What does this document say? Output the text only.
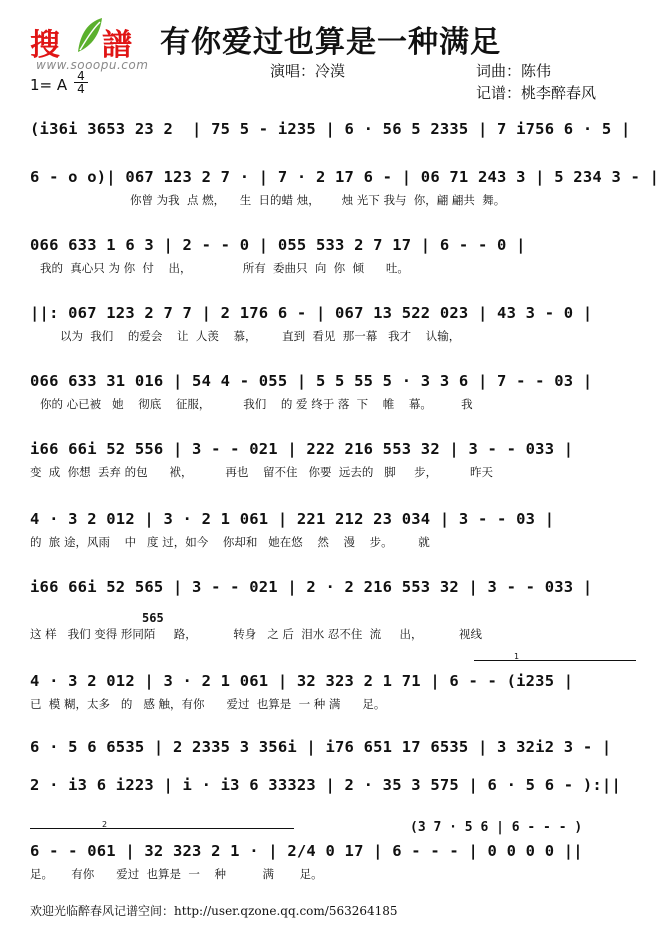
搜 譜
www.sooopu.com
有你爱过也算是一种满足
演唱：冷漠	词曲：陈伟
记谱：桃李醉春风
1= A 4
4
(i36i 3653 23 2  | 75 5 - i235 | 6 · 56 5 2335 | 7 i756 6 · 5 |
6 - o o)| 067 123 2 7 · | 7 · 2 17 6 - | 06 71 243 3 | 5 234 3 - |
你曾 为我  点 燃，    生  日的蜡 烛，      烛 光下 我与  你，翩 翩共  舞。
066 633 1 6 3 | 2 - - 0 | 055 533 2 7 17 | 6 - - 0 |
我的  真心只 为 你  付    出，              所有  委曲只  向  你  倾      吐。
||: 067 123 2 7 7 | 2 176 6 - | 067 13 522 023 | 43 3 - 0 |
以为  我们    的爱会    让  人羡    慕，       直到  看见  那一幕   我才    认输，
066 633 31 016 | 54 4 - 055 | 5 5 55 5 · 3 3 6 | 7 - - 03 |
你的 心已被   她    彻底    征服，         我们    的 爱 终于 落  下    帷    幕。        我
i66 66i 52 556 | 3 - - 021 | 222 216 553 32 | 3 - - 033 |
变  成  你想  丢弃 的包      袱，         再也    留不住   你要  远去的   脚     步，         昨天
4 · 3 2 012 | 3 · 2 1 061 | 221 212 23 034 | 3 - - 03 |
的  旅 途，风雨    中   度 过，如今    你却和   她在悠    然    漫    步。       就
i66 66i 52 565 | 3 - - 021 | 2 · 2 216 553 32 | 3 - - 033 |
这 样   我们 变得 形同陌     路，          转身   之 后  泪水 忍不住  流     出，          视线
565
1
4 · 3 2 012 | 3 · 2 1 061 | 32 323 2 1 71 | 6 - - (i235 |
已  模 糊，太多   的   感 触，有你      爱过  也算是  一 种 满      足。
6 · 5 6 6535 | 2 2335 3 356i | i76 651 17 6535 | 3 32i2 3 - |
2 · i3 6 i223 | i · i3 6 33323 | 2 · 35 3 575 | 6 · 5 6 - ):||
2	(3 7 · 5 6 | 6 - - - )
6 - - 061 | 32 323 2 1 · | 2/4 0 17 | 6 - - - | 0 0 0 0 ||
足。     有你      爱过  也算是  一    种          满       足。
欢迎光临醉春风记谱空间：http://user.qzone.qq.com/563264185
